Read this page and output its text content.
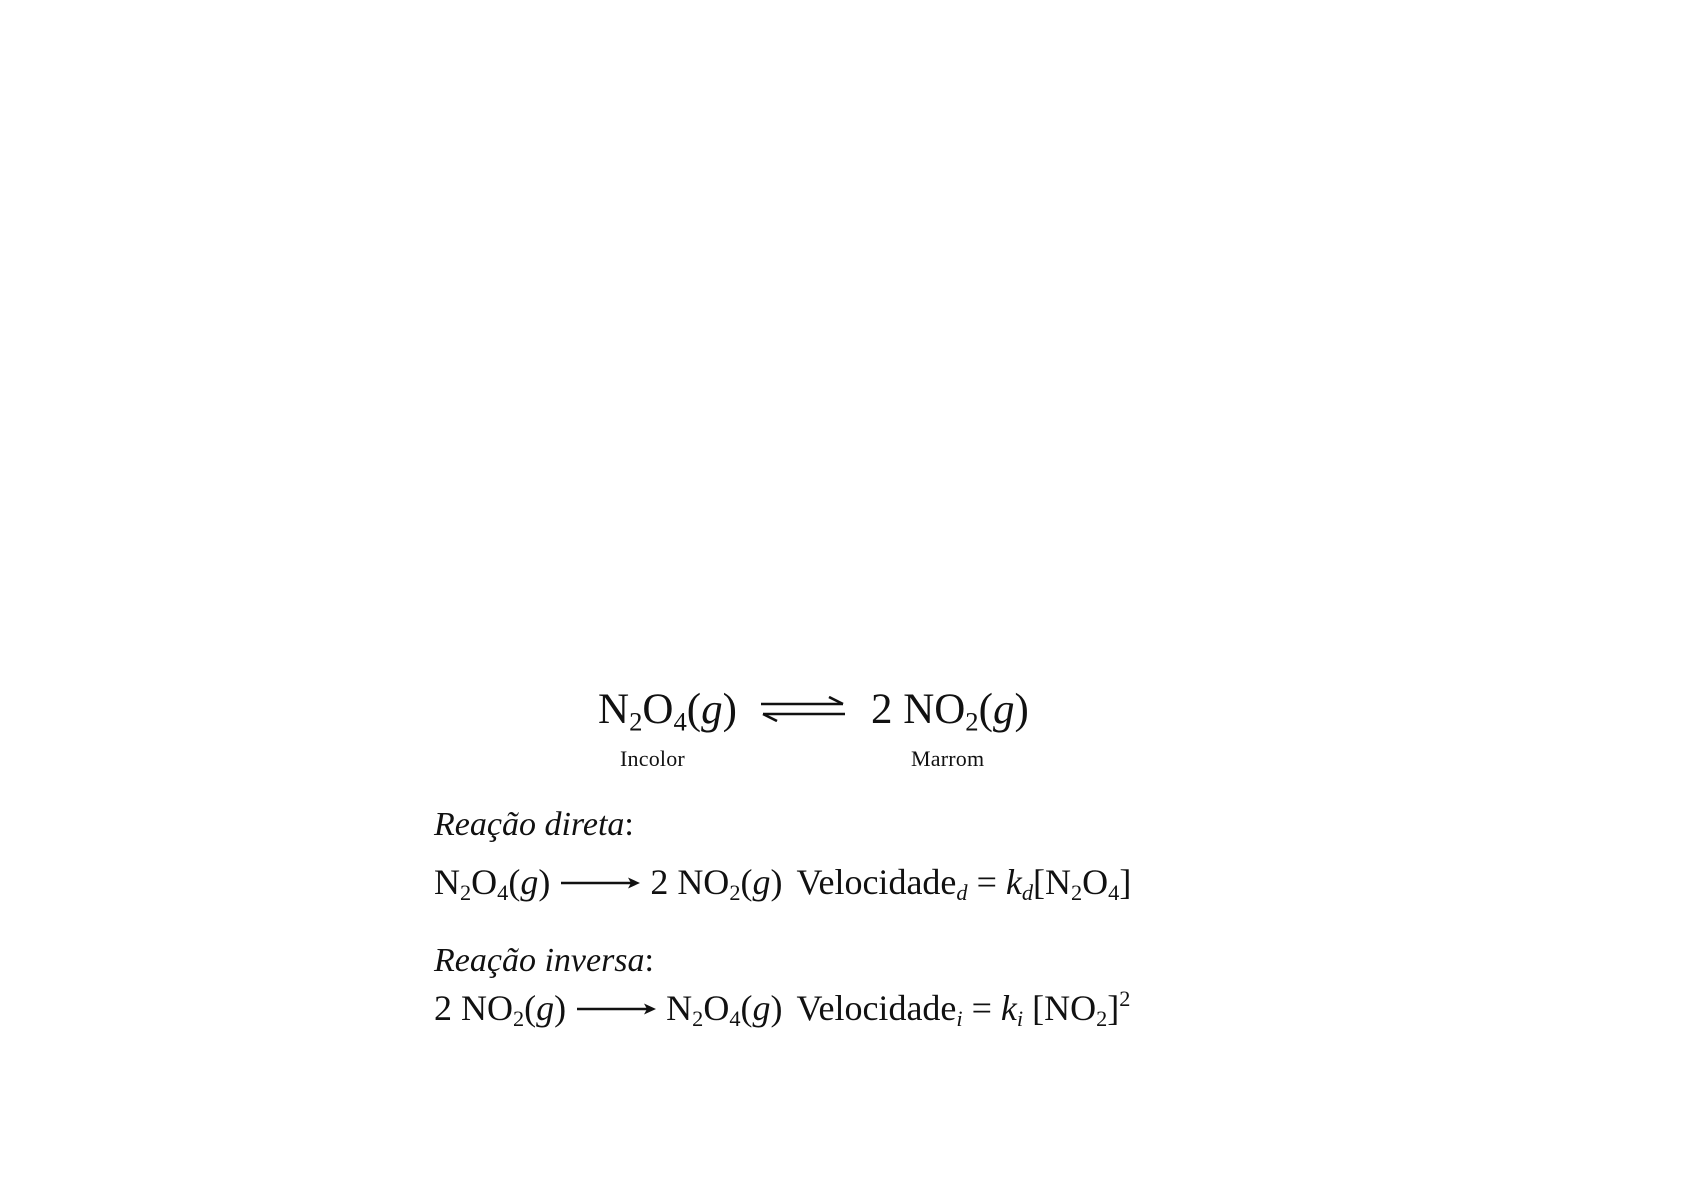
$N_2O_4(g)$ ⇌ 2 $NO_2(g)$
Incolor	Marrom
Reação direta:
$N_2O_4(g)$	2 $NO_2(g)$ Velocidade$_d$ = $k_d[N_2O_4]$
Reação inversa:
2 $NO_2(g)$	$N_2O_4(g)$ Velocidade$_i$ = $k_i$ $[NO_2]^2$
